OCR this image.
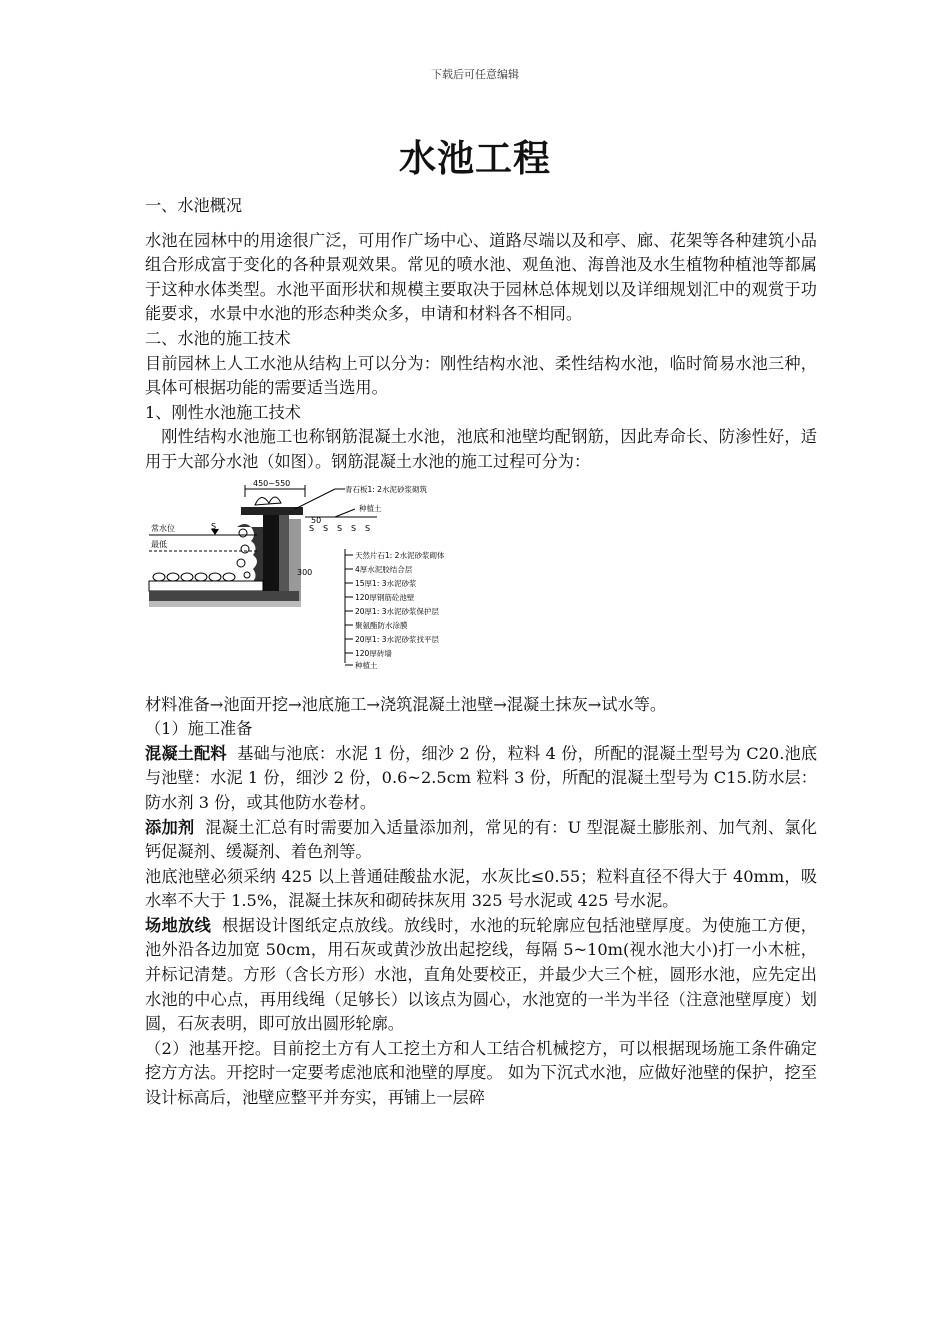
下载后可任意编辑
水池工程

一、水池概况

水池在园林中的用途很广泛，可用作广场中心、道路尽端以及和亭、廊、花架等各种建筑小品组合形成富于变化的各种景观效果。常见的喷水池、观鱼池、海兽池及水生植物种植池等都属于这种水体类型。水池平面形状和规模主要取决于园林总体规划以及详细规划汇中的观赏于功能要求，水景中水池的形态种类众多，申请和材料各不相同。

二、水池的施工技术

目前园林上人工水池从结构上可以分为：刚性结构水池、柔性结构水池，临时简易水池三种，具体可根据功能的需要适当选用。

1、刚性水池施工技术

刚性结构水池施工也称钢筋混凝土水池，池底和池壁均配钢筋，因此寿命长、防渗性好，适用于大部分水池（如图）。钢筋混凝土水池的施工过程可分为：

450~550
常水位
最低
300
50
S	S S S S S
青石板1: 2水泥砂浆砌筑
种植土
天然片石1: 2水泥砂浆砌体
4厚水泥胶结合层
15厚1: 3水泥砂浆
120厚钢筋砼池壁
20厚1: 3水泥砂浆保护层
聚氨酯防水涂膜
20厚1: 3水泥砂浆找平层
120厚砖墙
种植土

材料准备→池面开挖→池底施工→浇筑混凝土池壁→混凝土抹灰→试水等。

（1）施工准备

混凝土配料 基础与池底：水泥 1 份，细沙 2 份，粒料 4 份，所配的混凝土型号为 C20.池底与池壁：水泥 1 份，细沙 2 份，0.6~2.5cm 粒料 3 份，所配的混凝土型号为 C15.防水层：防水剂 3 份，或其他防水卷材。

添加剂 混凝土汇总有时需要加入适量添加剂，常见的有：U 型混凝土膨胀剂、加气剂、氯化钙促凝剂、缓凝剂、着色剂等。

池底池壁必须采纳 425 以上普通硅酸盐水泥，水灰比≤0.55；粒料直径不得大于 40mm，吸水率不大于 1.5%，混凝土抹灰和砌砖抹灰用 325 号水泥或 425 号水泥。

场地放线 根据设计图纸定点放线。放线时，水池的玩轮廓应包括池壁厚度。为使施工方便，池外沿各边加宽 50cm，用石灰或黄沙放出起挖线，每隔 5~10m(视水池大小)打一小木桩，并标记清楚。方形（含长方形）水池，直角处要校正，并最少大三个桩，圆形水池，应先定出水池的中心点，再用线绳（足够长）以该点为圆心，水池宽的一半为半径（注意池壁厚度）划圆，石灰表明，即可放出圆形轮廓。

（2）池基开挖。目前挖土方有人工挖土方和人工结合机械挖方，可以根据现场施工条件确定挖方方法。开挖时一定要考虑池底和池壁的厚度。 如为下沉式水池，应做好池壁的保护，挖至设计标高后，池壁应整平并夯实，再铺上一层碎
